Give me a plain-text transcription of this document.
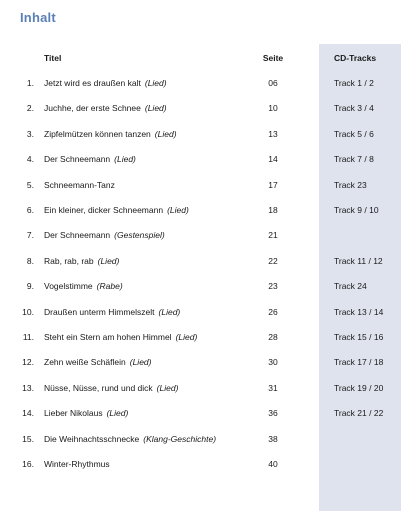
Inhalt
Titel	Seite	CD-Tracks
1. Jetzt wird es draußen kalt (Lied)	06	Track 1 / 2
2. Juchhe, der erste Schnee (Lied)	10	Track 3 / 4
3. Zipfelmützen können tanzen (Lied)	13	Track 5 / 6
4. Der Schneemann (Lied)	14	Track 7 / 8
5. Schneemann-Tanz	17	Track 23
6. Ein kleiner, dicker Schneemann (Lied)	18	Track 9 / 10
7. Der Schneemann (Gestenspiel)	21
8. Rab, rab, rab (Lied)	22	Track 11 / 12
9. Vogelstimme (Rabe)	23	Track 24
10. Draußen unterm Himmelszelt (Lied)	26	Track 13 / 14
11. Steht ein Stern am hohen Himmel (Lied)	28	Track 15 / 16
12. Zehn weiße Schäflein (Lied)	30	Track 17 / 18
13. Nüsse, Nüsse, rund und dick (Lied)	31	Track 19 / 20
14. Lieber Nikolaus (Lied)	36	Track 21 / 22
15. Die Weihnachtsschnecke (Klang-Geschichte)	38
16. Winter-Rhythmus	40
